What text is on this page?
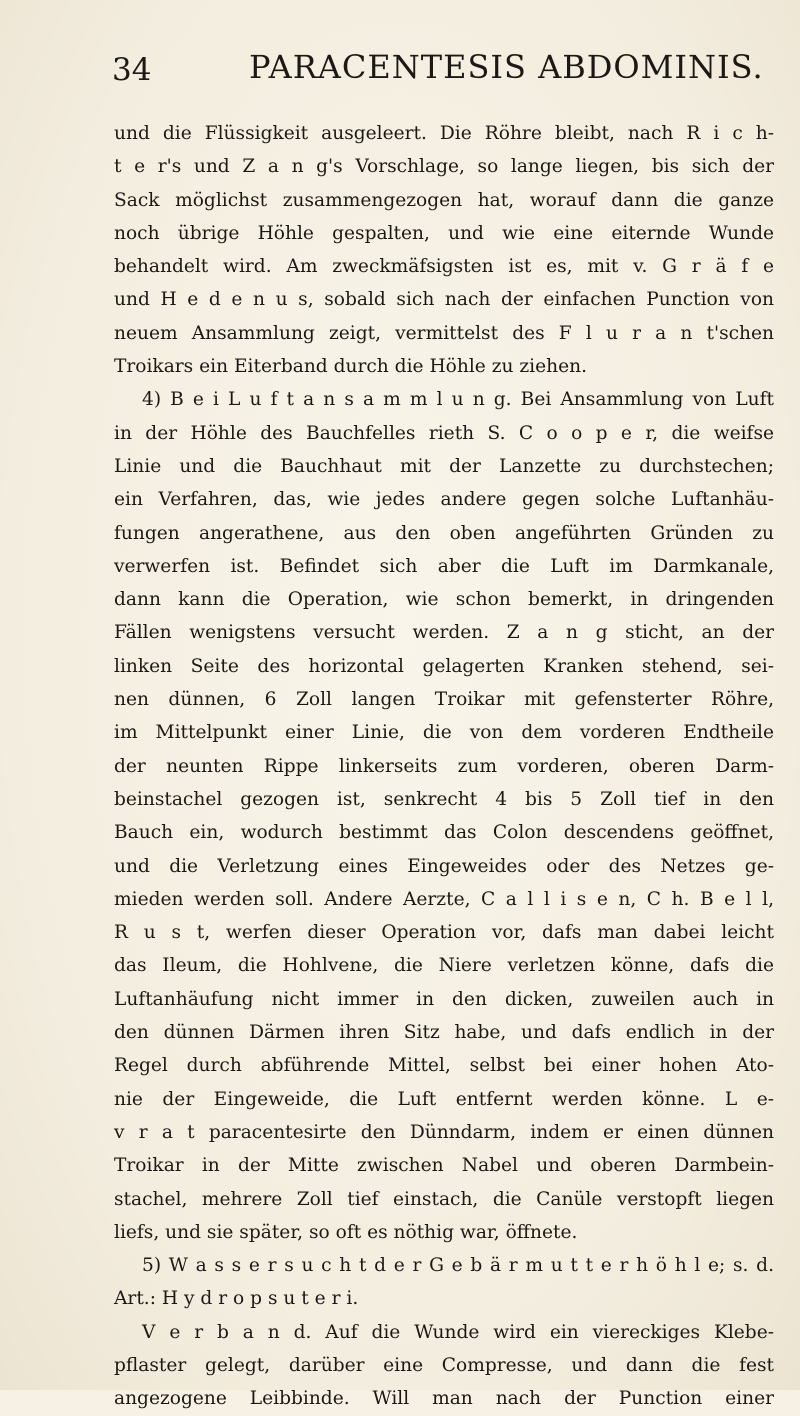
34	PARACENTESIS ABDOMINIS.
und die Flüssigkeit ausgeleert. Die Röhre bleibt, nach R i c h-
t e r's und Z a n g's Vorschlage, so lange liegen, bis sich der
Sack möglichst zusammengezogen hat, worauf dann die ganze
noch übrige Höhle gespalten, und wie eine eiternde Wunde
behandelt wird. Am zweckmäfsigsten ist es, mit v. G r ä f e
und H e d e n u s, sobald sich nach der einfachen Punction von
neuem Ansammlung zeigt, vermittelst des F l u r a n t'schen
Troikars ein Eiterband durch die Höhle zu ziehen.
4) B e i L u f t a n s a m m l u n g. Bei Ansammlung von Luft
in der Höhle des Bauchfelles rieth S. C o o p e r, die weifse
Linie und die Bauchhaut mit der Lanzette zu durchstechen;
ein Verfahren, das, wie jedes andere gegen solche Luftanhäu-
fungen angerathene, aus den oben angeführten Gründen zu
verwerfen ist. Befindet sich aber die Luft im Darmkanale,
dann kann die Operation, wie schon bemerkt, in dringenden
Fällen wenigstens versucht werden. Z a n g sticht, an der
linken Seite des horizontal gelagerten Kranken stehend, sei-
nen dünnen, 6 Zoll langen Troikar mit gefensterter Röhre,
im Mittelpunkt einer Linie, die von dem vorderen Endtheile
der neunten Rippe linkerseits zum vorderen, oberen Darm-
beinstachel gezogen ist, senkrecht 4 bis 5 Zoll tief in den
Bauch ein, wodurch bestimmt das Colon descendens geöffnet,
und die Verletzung eines Eingeweides oder des Netzes ge-
mieden werden soll. Andere Aerzte, C a l l i s e n, C h. B e l l,
R u s t, werfen dieser Operation vor, dafs man dabei leicht
das Ileum, die Hohlvene, die Niere verletzen könne, dafs die
Luftanhäufung nicht immer in den dicken, zuweilen auch in
den dünnen Därmen ihren Sitz habe, und dafs endlich in der
Regel durch abführende Mittel, selbst bei einer hohen Ato-
nie der Eingeweide, die Luft entfernt werden könne. L e-
v r a t paracentesirte den Dünndarm, indem er einen dünnen
Troikar in der Mitte zwischen Nabel und oberen Darmbein-
stachel, mehrere Zoll tief einstach, die Canüle verstopft liegen
liefs, und sie später, so oft es nöthig war, öffnete.
5) W a s s e r s u c h t d e r G e b ä r m u t t e r h ö h l e; s. d.
Art.: H y d r o p s u t e r i.
V e r b a n d. Auf die Wunde wird ein viereckiges Klebe-
pflaster gelegt, darüber eine Compresse, und dann die fest
angezogene Leibbinde. Will man nach der Punction einer
